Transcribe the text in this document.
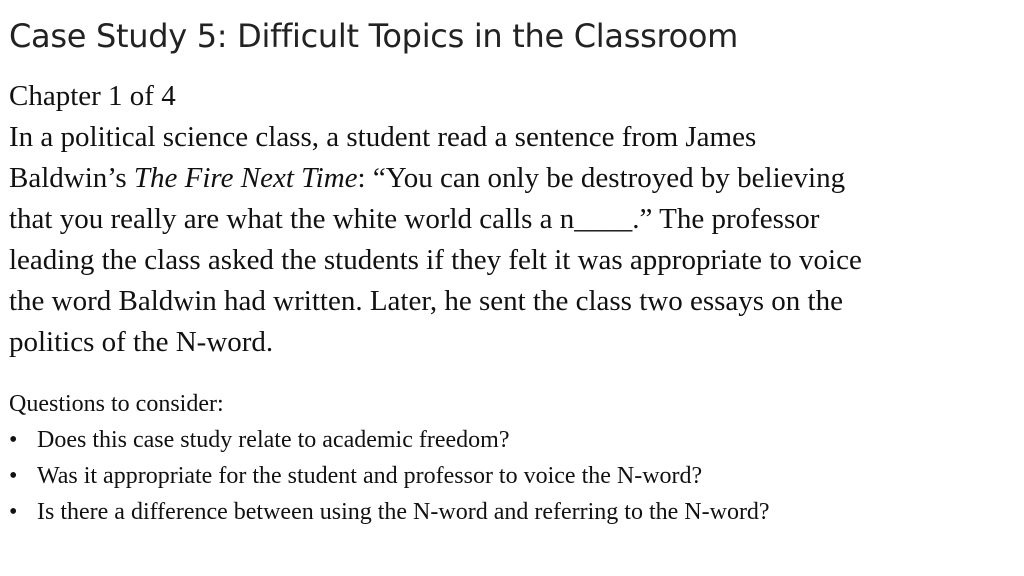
Case Study 5: Difficult Topics in the Classroom
Chapter 1 of 4
In a political science class, a student read a sentence from James
Baldwin’s The Fire Next Time: “You can only be destroyed by believing
that you really are what the white world calls a n____.” The professor
leading the class asked the students if they felt it was appropriate to voice
the word Baldwin had written. Later, he sent the class two essays on the
politics of the N-word.
Questions to consider:
• Does this case study relate to academic freedom?
• Was it appropriate for the student and professor to voice the N-word?
• Is there a difference between using the N-word and referring to the N-word?
